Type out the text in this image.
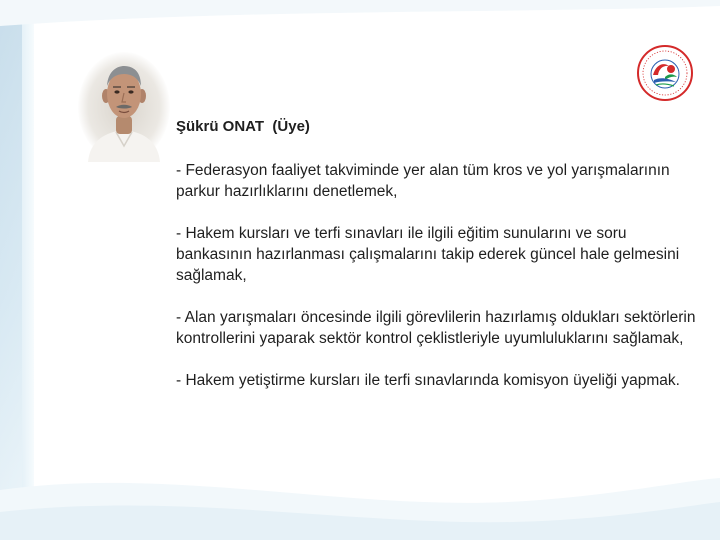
Şükrü ONAT  (Üye)

- Federasyon faaliyet takviminde yer alan tüm kros ve yol yarışmalarının parkur hazırlıklarını denetlemek,

- Hakem kursları ve terfi sınavları ile ilgili eğitim sunularını ve soru bankasının hazırlanması çalışmalarını takip ederek güncel hale gelmesini sağlamak,

- Alan yarışmaları öncesinde ilgili görevlilerin hazırlamış oldukları sektörlerin kontrollerini yaparak sektör kontrol çeklistleriyle uyumluluklarını sağlamak,

- Hakem yetiştirme kursları ile terfi sınavlarında komisyon üyeliği yapmak.
